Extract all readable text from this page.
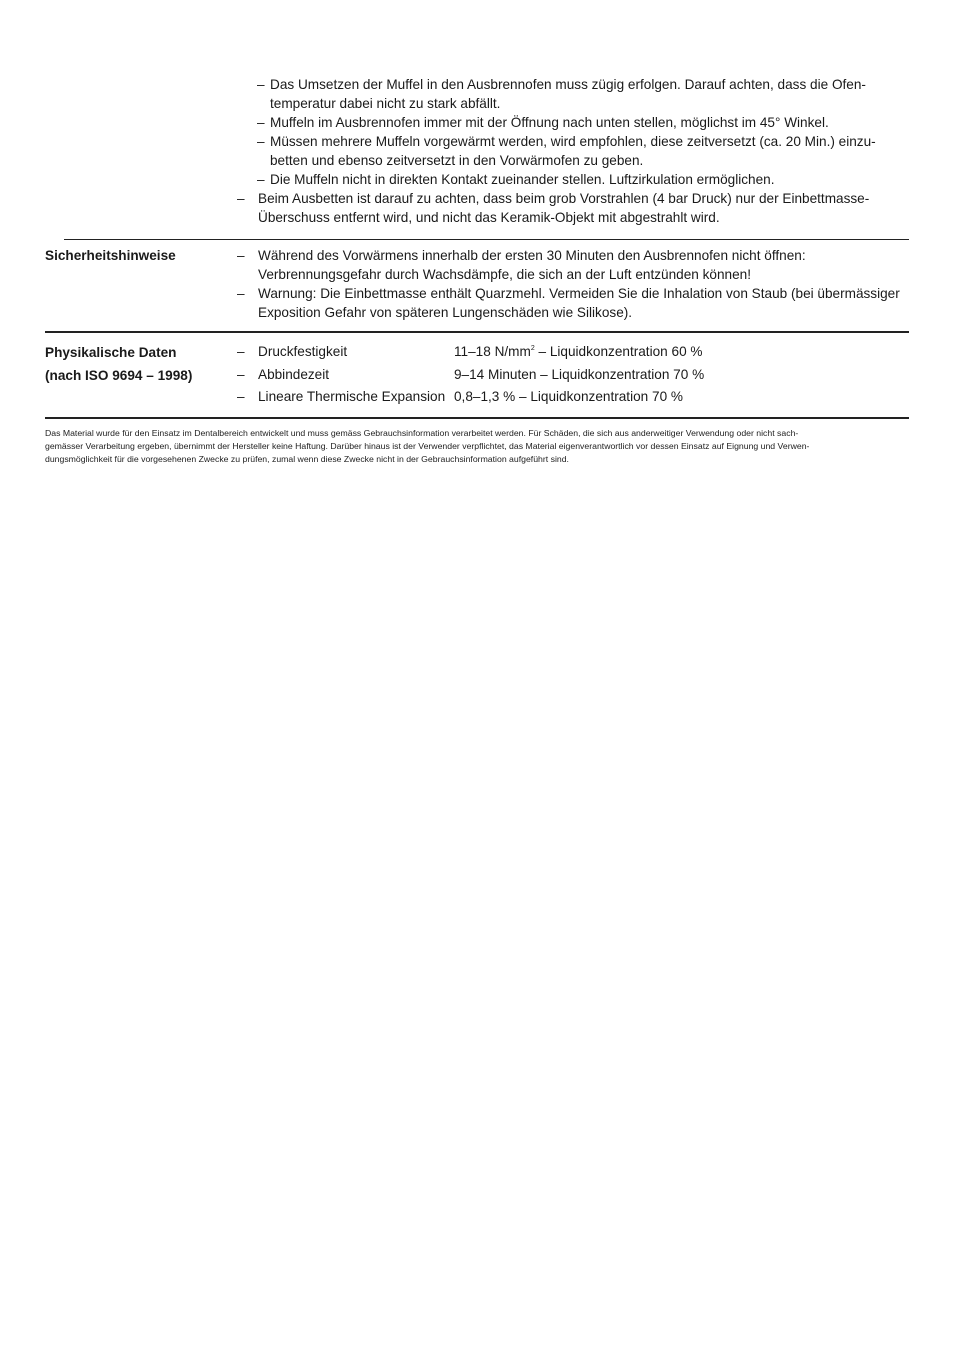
– Das Umsetzen der Muffel in den Ausbrennofen muss zügig erfolgen. Darauf achten, dass die Ofen-
temperatur dabei nicht zu stark abfällt.
– Muffeln im Ausbrennofen immer mit der Öffnung nach unten stellen, möglichst im 45° Winkel.
– Müssen mehrere Muffeln vorgewärmt werden, wird empfohlen, diese zeitversetzt (ca. 20 Min.) einzu-
betten und ebenso zeitversetzt in den Vorwärmofen zu geben.
– Die Muffeln nicht in direkten Kontakt zueinander stellen. Luftzirkulation ermöglichen.
– Beim Ausbetten ist darauf zu achten, dass beim grob Vorstrahlen (4 bar Druck) nur der Einbettmasse-
Überschuss entfernt wird, und nicht das Keramik-Objekt mit abgestrahlt wird.
Sicherheitshinweise	– Während des Vorwärmens innerhalb der ersten 30 Minuten den Ausbrennofen nicht öffnen:
Verbrennungsgefahr durch Wachsdämpfe, die sich an der Luft entzünden können!
– Warnung: Die Einbettmasse enthält Quarzmehl. Vermeiden Sie die Inhalation von Staub (bei übermässiger
Exposition Gefahr von späteren Lungenschäden wie Silikose).
Physikalische Daten
(nach ISO 9694 – 1998)
– Druckfestigkeit	11–18 $N/mm^2$ – Liquidkonzentration 60 %
– Abbindezeit	9–14 Minuten – Liquidkonzentration 70 %
– Lineare Thermische Expansion 0,8–1,3 % – Liquidkonzentration 70 %
Das Material wurde für den Einsatz im Dentalbereich entwickelt und muss gemäss Gebrauchsinformation verarbeitet werden. Für Schäden, die sich aus anderweitiger Verwendung oder nicht sach-
gemässer Verarbeitung ergeben, übernimmt der Hersteller keine Haftung. Darüber hinaus ist der Verwender verpflichtet, das Material eigenverantwortlich vor dessen Einsatz auf Eignung und Verwen-
dungsmöglichkeit für die vorgesehenen Zwecke zu prüfen, zumal wenn diese Zwecke nicht in der Gebrauchsinformation aufgeführt sind.
